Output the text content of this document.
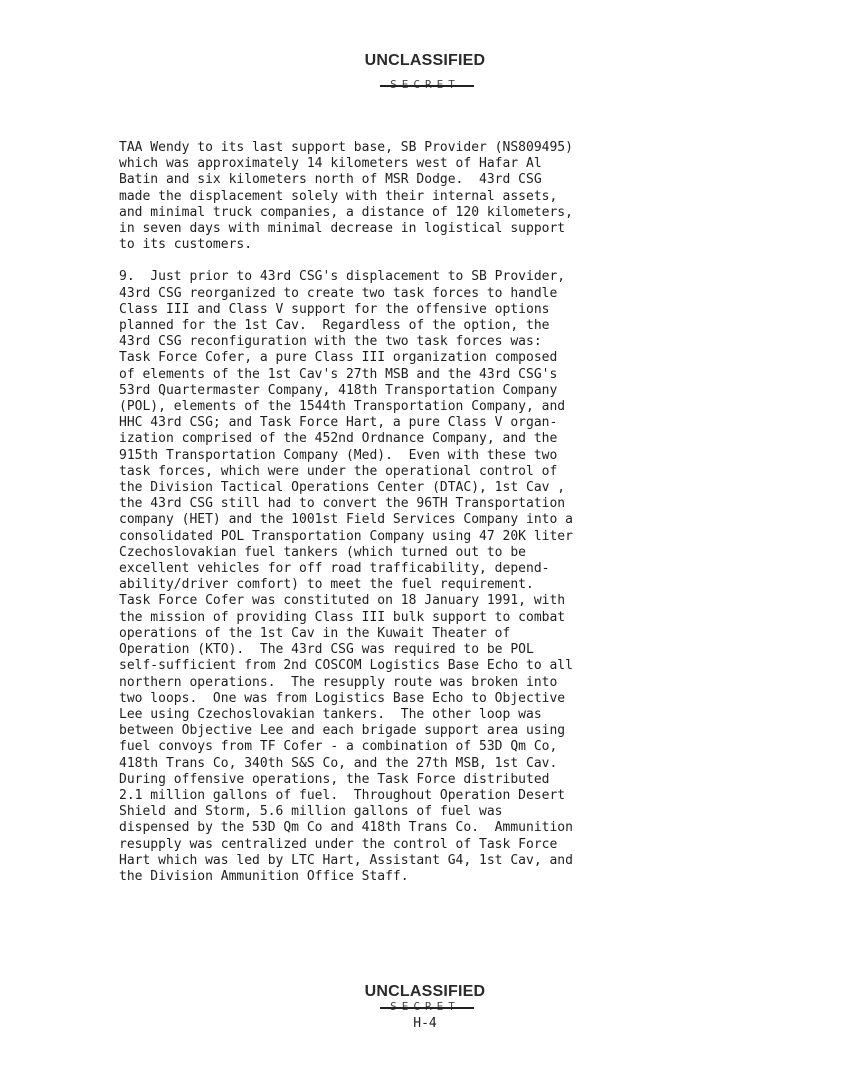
UNCLASSIFIED
SECRET
TAA Wendy to its last support base, SB Provider (NS809495)
which was approximately 14 kilometers west of Hafar Al
Batin and six kilometers north of MSR Dodge.  43rd CSG
made the displacement solely with their internal assets,
and minimal truck companies, a distance of 120 kilometers,
in seven days with minimal decrease in logistical support
to its customers.
9.  Just prior to 43rd CSG's displacement to SB Provider,
43rd CSG reorganized to create two task forces to handle
Class III and Class V support for the offensive options
planned for the 1st Cav.  Regardless of the option, the
43rd CSG reconfiguration with the two task forces was:
Task Force Cofer, a pure Class III organization composed
of elements of the 1st Cav's 27th MSB and the 43rd CSG's
53rd Quartermaster Company, 418th Transportation Company
(POL), elements of the 1544th Transportation Company, and
HHC 43rd CSG; and Task Force Hart, a pure Class V organ-
ization comprised of the 452nd Ordnance Company, and the
915th Transportation Company (Med).  Even with these two
task forces, which were under the operational control of
the Division Tactical Operations Center (DTAC), 1st Cav ,
the 43rd CSG still had to convert the 96TH Transportation
company (HET) and the 1001st Field Services Company into a
consolidated POL Transportation Company using 47 20K liter
Czechoslovakian fuel tankers (which turned out to be
excellent vehicles for off road trafficability, depend-
ability/driver comfort) to meet the fuel requirement.
Task Force Cofer was constituted on 18 January 1991, with
the mission of providing Class III bulk support to combat
operations of the 1st Cav in the Kuwait Theater of
Operation (KTO).  The 43rd CSG was required to be POL
self-sufficient from 2nd COSCOM Logistics Base Echo to all
northern operations.  The resupply route was broken into
two loops.  One was from Logistics Base Echo to Objective
Lee using Czechoslovakian tankers.  The other loop was
between Objective Lee and each brigade support area using
fuel convoys from TF Cofer - a combination of 53D Qm Co,
418th Trans Co, 340th S&S Co, and the 27th MSB, 1st Cav.
During offensive operations, the Task Force distributed
2.1 million gallons of fuel.  Throughout Operation Desert
Shield and Storm, 5.6 million gallons of fuel was
dispensed by the 53D Qm Co and 418th Trans Co.  Ammunition
resupply was centralized under the control of Task Force
Hart which was led by LTC Hart, Assistant G4, 1st Cav, and
the Division Ammunition Office Staff.
UNCLASSIFIED
SECRET
H-4
